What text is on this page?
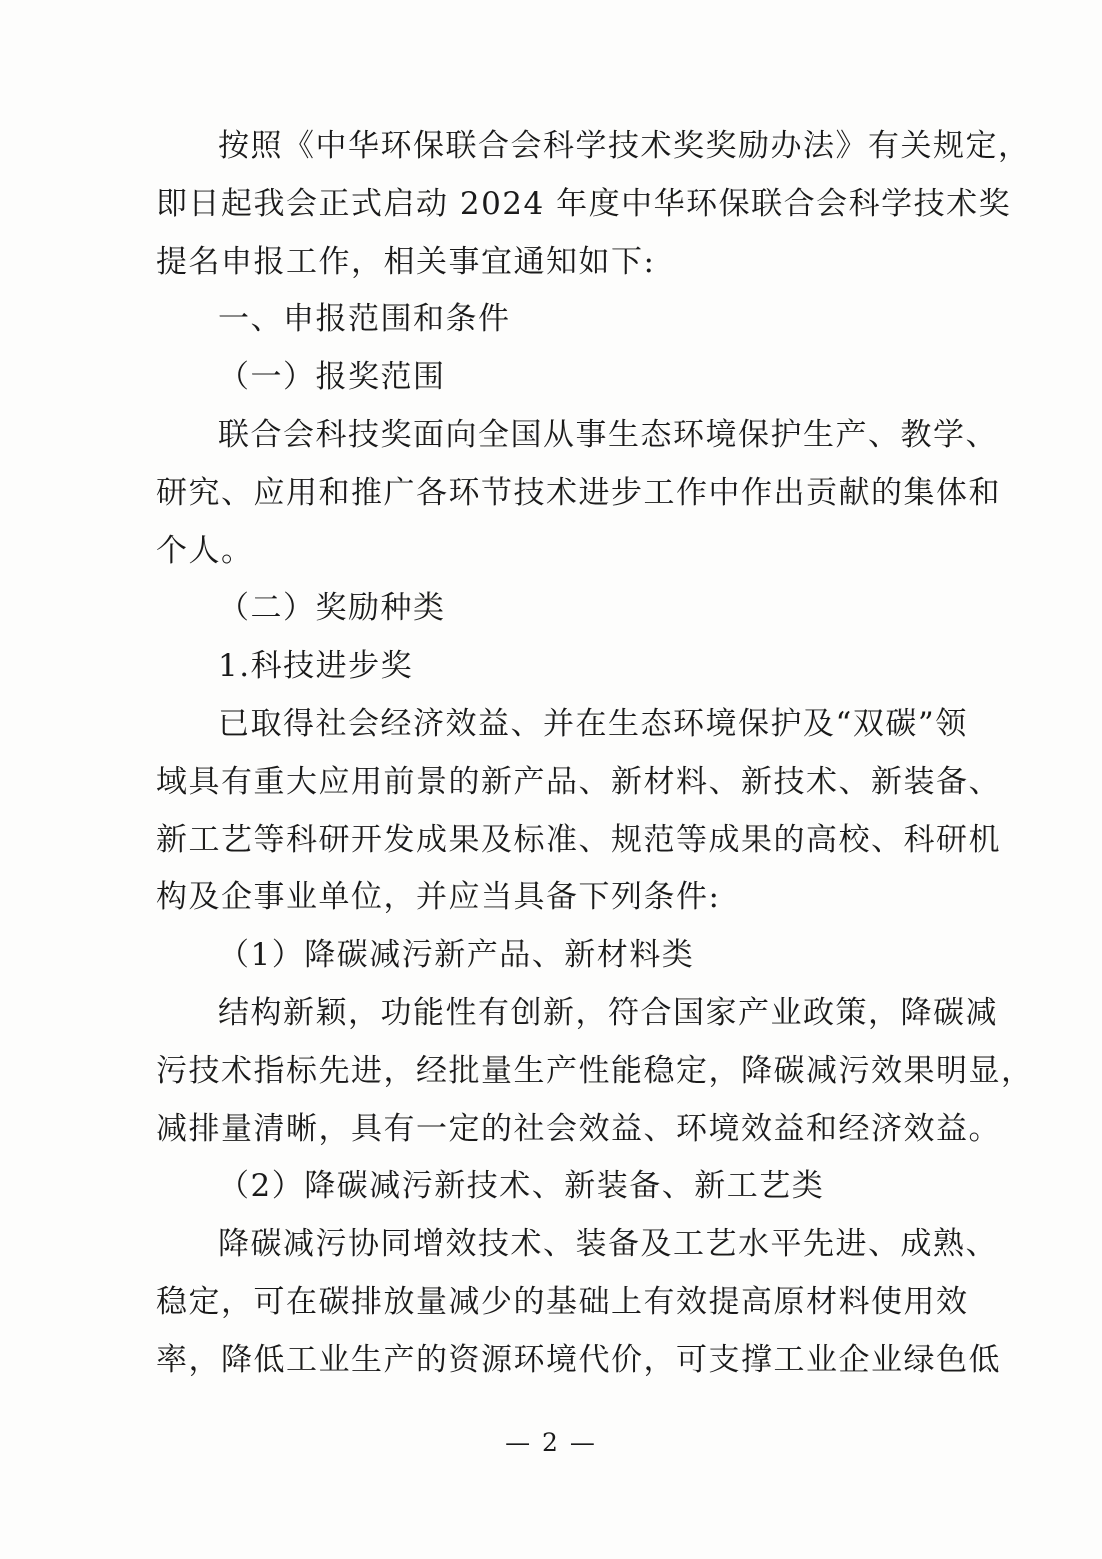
按照《中华环保联合会科学技术奖奖励办法》有关规定，
即日起我会正式启动 2024 年度中华环保联合会科学技术奖
提名申报工作，相关事宜通知如下:
一、申报范围和条件
（一）报奖范围
联合会科技奖面向全国从事生态环境保护生产、教学、
研究、应用和推广各环节技术进步工作中作出贡献的集体和
个人。
（二）奖励种类
1.科技进步奖
已取得社会经济效益、并在生态环境保护及“双碳”领
域具有重大应用前景的新产品、新材料、新技术、新装备、
新工艺等科研开发成果及标准、规范等成果的高校、科研机
构及企事业单位，并应当具备下列条件:
（1）降碳减污新产品、新材料类
结构新颖，功能性有创新，符合国家产业政策，降碳减
污技术指标先进，经批量生产性能稳定，降碳减污效果明显，
减排量清晰，具有一定的社会效益、环境效益和经济效益。
（2）降碳减污新技术、新装备、新工艺类
降碳减污协同增效技术、装备及工艺水平先进、成熟、
稳定，可在碳排放量减少的基础上有效提高原材料使用效
率，降低工业生产的资源环境代价，可支撑工业企业绿色低
— 2 —
